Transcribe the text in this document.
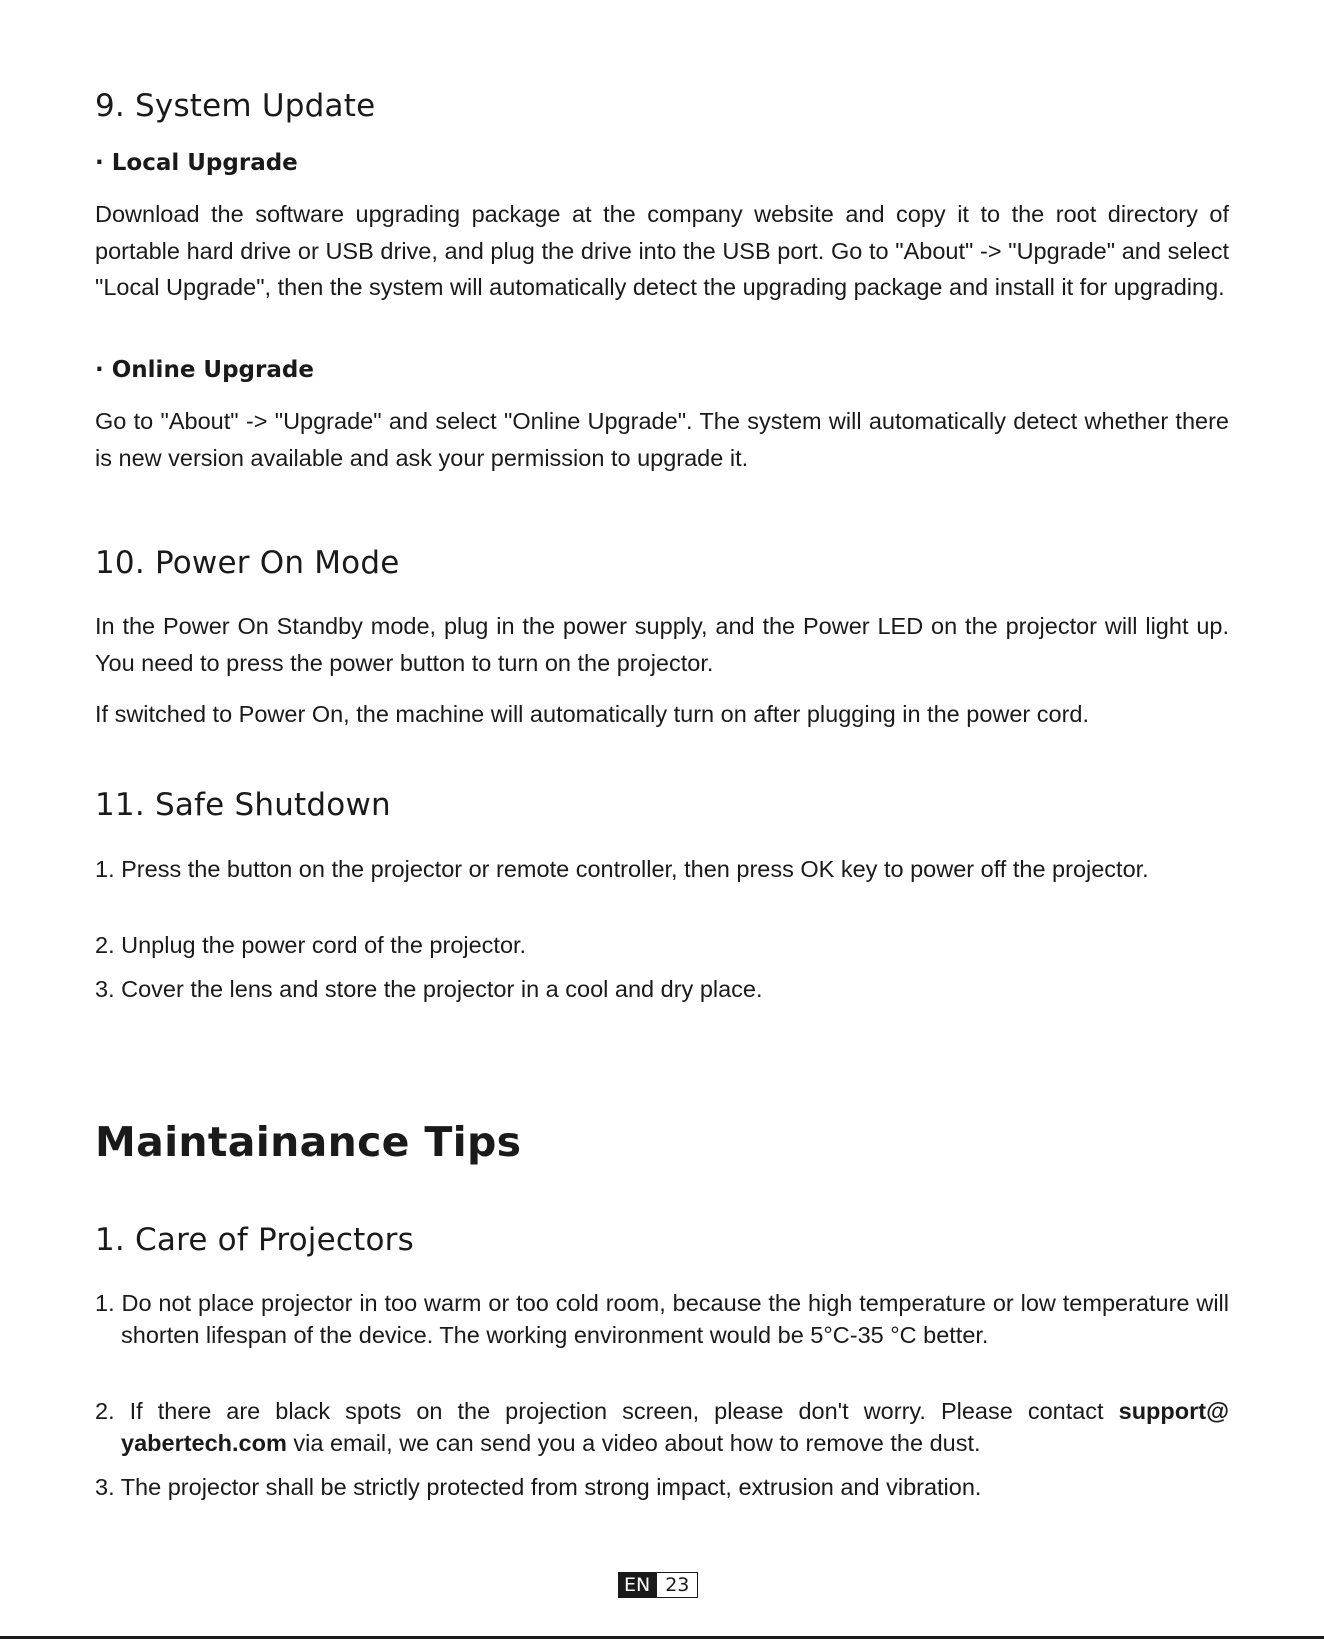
9. System Update
· Local Upgrade
Download the software upgrading package at the company website and copy it to the root directory of portable hard drive or USB drive, and plug the drive into the USB port. Go to "About" -> "Upgrade" and select "Local Upgrade", then the system will automatically detect the upgrading package and install it for upgrading.
· Online Upgrade
Go to "About" -> "Upgrade" and select "Online Upgrade". The system will automatically detect whether there is new version available and ask your permission to upgrade it.
10. Power On Mode
In the Power On Standby mode, plug in the power supply, and the Power LED on the projector will light up. You need to press the power button to turn on the projector.
If switched to Power On, the machine will automatically turn on after plugging in the power cord.
11. Safe Shutdown
1. Press the button on the projector or remote controller, then press OK key to power off the projector.
2. Unplug the power cord of the projector.
3. Cover the lens and store the projector in a cool and dry place.
Maintainance Tips
1. Care of Projectors
1. Do not place projector in too warm or too cold room, because the high temperature or low temperature will shorten lifespan of the device. The working environment would be 5°C-35 °C better.
2. If there are black spots on the projection screen, please don't worry. Please contact support@ yabertech.com via email, we can send you a video about how to remove the dust.
3. The projector shall be strictly protected from strong impact, extrusion and vibration.
EN 23
